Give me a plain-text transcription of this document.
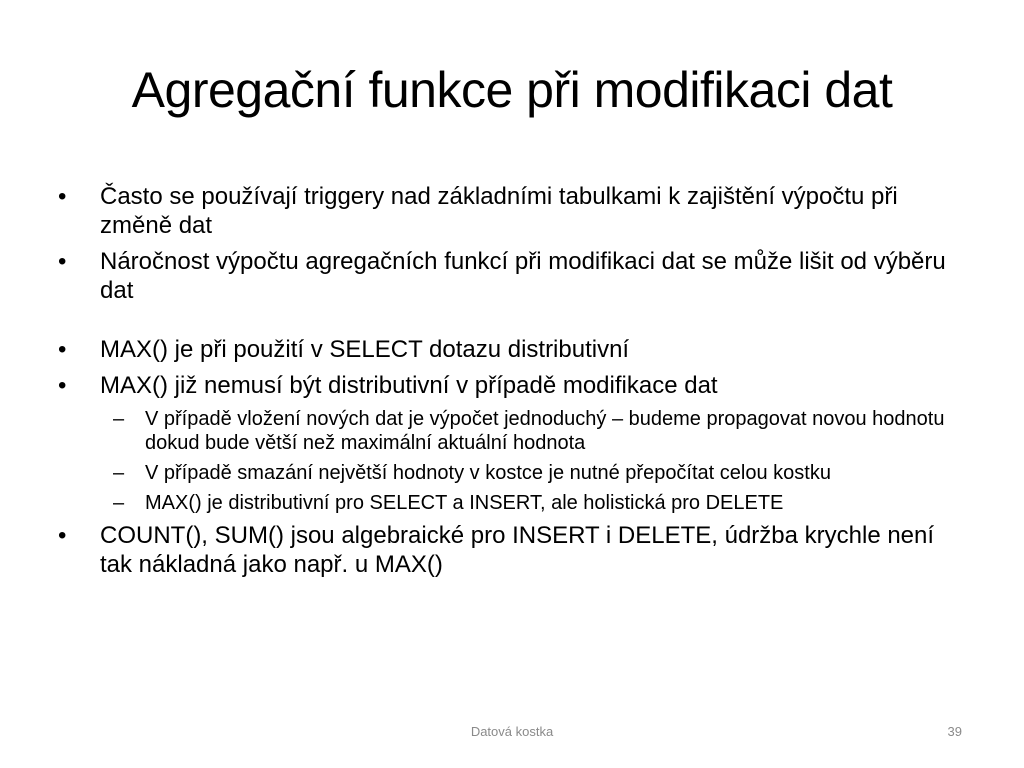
Agregační funkce při modifikaci dat
•	Často se používají triggery nad základními tabulkami k zajištění výpočtu při změně dat
•	Náročnost výpočtu agregačních funkcí při modifikaci dat se může lišit od výběru dat
•	MAX() je při použití v SELECT dotazu distributivní
•	MAX() již nemusí být distributivní v případě modifikace dat
– V případě vložení nových dat je výpočet jednoduchý – budeme propagovat novou hodnotu dokud bude větší než maximální aktuální hodnota
– V případě smazání největší hodnoty v kostce je nutné přepočítat celou kostku
– MAX() je distributivní pro SELECT a INSERT, ale holistická pro DELETE
•	COUNT(), SUM() jsou algebraické pro INSERT i DELETE, údržba krychle není tak nákladná jako např. u MAX()
Datová kostka	39
